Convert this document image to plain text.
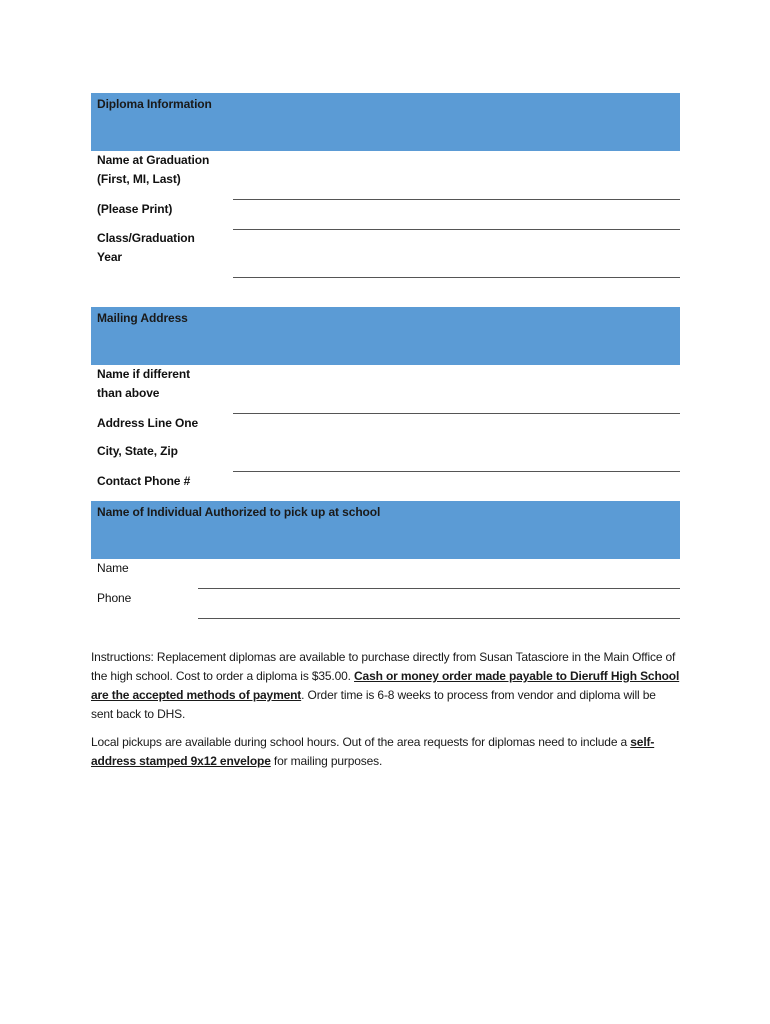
Diploma Information
Name at Graduation
(First, MI, Last)
(Please Print)
Class/Graduation
Year
Mailing Address
Name if different
than above
Address Line One
City, State, Zip
Contact Phone #
Name of Individual Authorized to pick up at school
Name
Phone
Instructions: Replacement diplomas are available to purchase directly from Susan Tatasciore in the Main Office of the high school. Cost to order a diploma is $35.00. Cash or money order made payable to Dieruff High School are the accepted methods of payment. Order time is 6-8 weeks to process from vendor and diploma will be sent back to DHS.
Local pickups are available during school hours. Out of the area requests for diplomas need to include a self-address stamped 9x12 envelope for mailing purposes.
